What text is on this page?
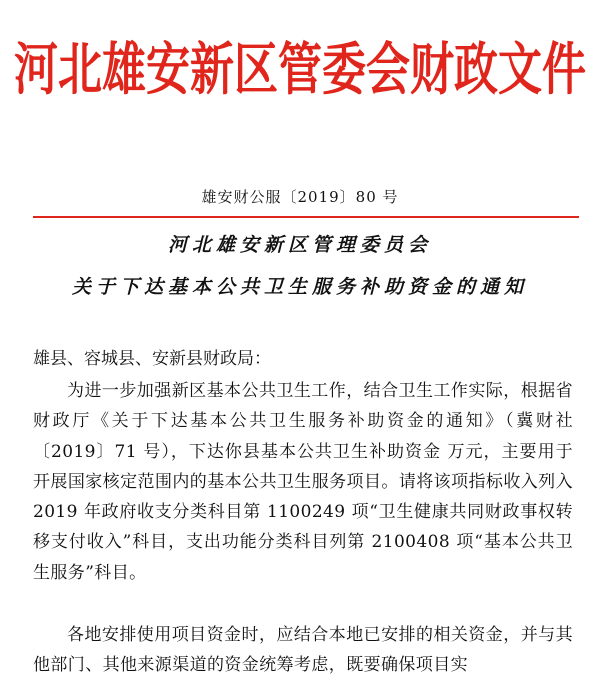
河北雄安新区管委会财政文件
雄安财公服〔2019〕80 号
河北雄安新区管理委员会
关于下达基本公共卫生服务补助资金的通知
雄县、容城县、安新县财政局：

为进一步加强新区基本公共卫生工作，结合卫生工作实际，根据省财政厅《关于下达基本公共卫生服务补助资金的通知》（冀财社〔2019〕71 号），下达你县基本公共卫生补助资金 万元，主要用于开展国家核定范围内的基本公共卫生服务项目。请将该项指标收入列入 2019 年政府收支分类科目第 1100249 项“卫生健康共同财政事权转移支付收入”科目，支出功能分类科目列第 2100408 项“基本公共卫生服务”科目。

各地安排使用项目资金时，应结合本地已安排的相关资金，并与其他部门、其他来源渠道的资金统筹考虑，既要确保项目实
